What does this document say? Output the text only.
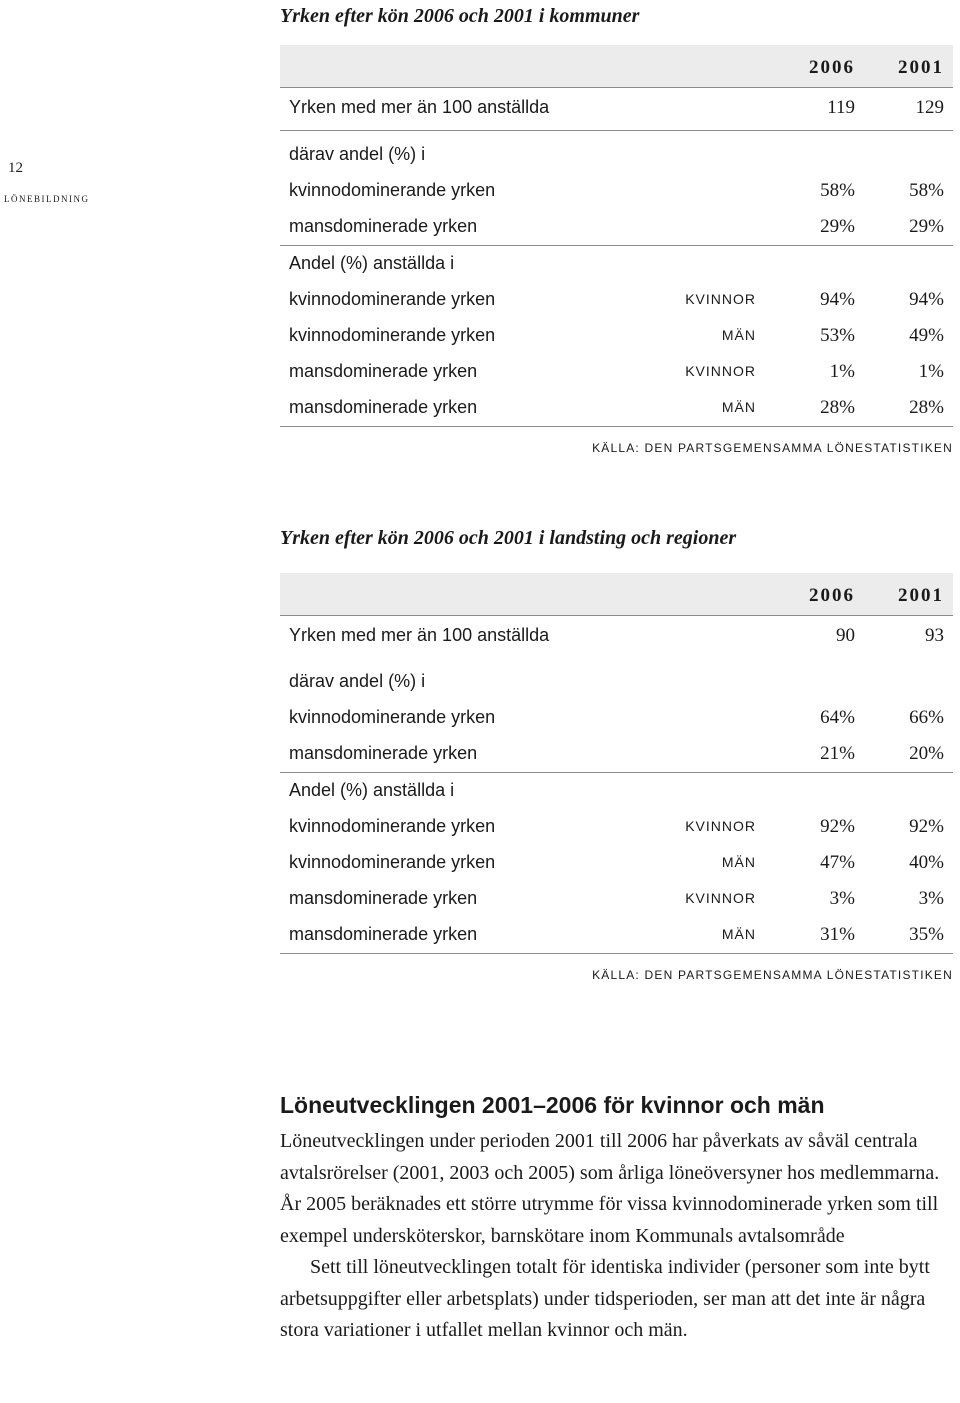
12
lönebildning
Yrken efter kön 2006 och 2001 i kommuner
2006	2001
Yrken med mer än 100 anställda	119	129
därav andel (%) i
kvinnodominerande yrken	58%	58%
mansdominerade yrken	29%	29%
Andel (%) anställda i
kvinnodominerande yrken	KVINNOR	94%	94%
kvinnodominerande yrken	MÄN	53%	49%
mansdominerade yrken	KVINNOR	1%	1%
mansdominerade yrken	MÄN	28%	28%
KÄLLA: DEN PARTSGEMENSAMMA LÖNESTATISTIKEN
Yrken efter kön 2006 och 2001 i landsting och regioner
2006	2001
Yrken med mer än 100 anställda	90	93
därav andel (%) i
kvinnodominerande yrken	64%	66%
mansdominerade yrken	21%	20%
Andel (%) anställda i
kvinnodominerande yrken	KVINNOR	92%	92%
kvinnodominerande yrken	MÄN	47%	40%
mansdominerade yrken	KVINNOR	3%	3%
mansdominerade yrken	MÄN	31%	35%
KÄLLA: DEN PARTSGEMENSAMMA LÖNESTATISTIKEN
Löneutvecklingen 2001–2006 för kvinnor och män

Löneutvecklingen under perioden 2001 till 2006 har påverkats av såväl centrala avtalsrörelser (2001, 2003 och 2005) som årliga löneöversyner hos medlemmarna. År 2005 beräknades ett större utrymme för vissa kvinnodominerade yrken som till exempel undersköterskor, barnskötare inom Kommunals avtalsområde

Sett till löneutvecklingen totalt för identiska individer (personer som inte bytt arbetsuppgifter eller arbetsplats) under tidsperioden, ser man att det inte är några stora variationer i utfallet mellan kvinnor och män.
